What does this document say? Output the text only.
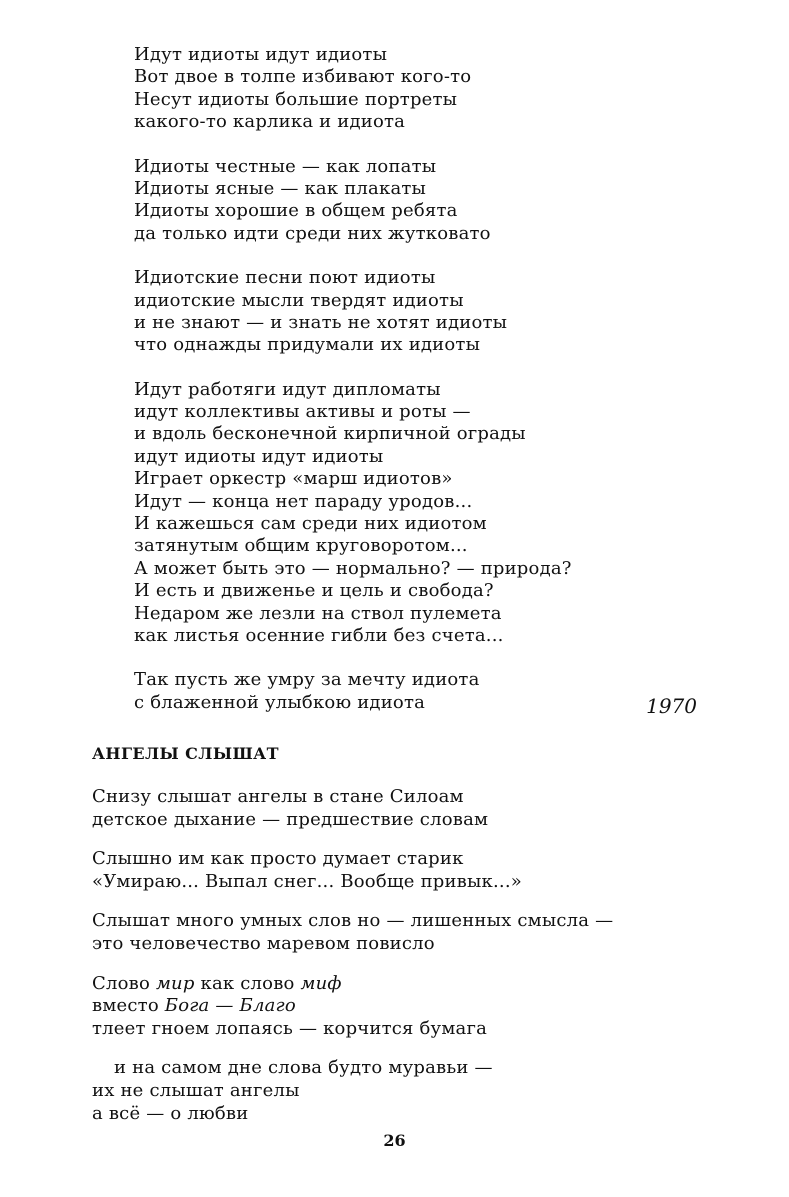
Идут идиоты идут идиоты
Вот двое в толпе избивают кого-то
Несут идиоты большие портреты
какого-то карлика и идиота
Идиоты честные — как лопаты
Идиоты ясные — как плакаты
Идиоты хорошие в общем ребята
да только идти среди них жутковато
Идиотские песни поют идиоты
идиотские мысли твердят идиоты
и не знают — и знать не хотят идиоты
что однажды придумали их идиоты
Идут работяги идут дипломаты
идут коллективы активы и роты —
и вдоль бесконечной кирпичной ограды
идут идиоты идут идиоты
Играет оркестр «марш идиотов»
Идут — конца нет параду уродов...
И кажешься сам среди них идиотом
затянутым общим круговоротом...
А может быть это — нормально? — природа?
И есть и движенье и цель и свобода?
Недаром же лезли на ствол пулемета
как листья осенние гибли без счета...
Так пусть же умру за мечту идиота
с блаженной улыбкою идиота	1970
АНГЕЛЫ СЛЫШАТ
Снизу слышат ангелы в стане Силоам
детское дыхание — предшествие словам
Слышно им как просто думает старик
«Умираю... Выпал снег... Вообще привык...»
Слышат много умных слов но — лишенных смысла —
это человечество маревом повисло
Слово мир как слово миф
вместо Бога — Благо
тлеет гноем лопаясь — корчится бумага
и на самом дне слова будто муравьи —
их не слышат ангелы
а всё — о любви
26
